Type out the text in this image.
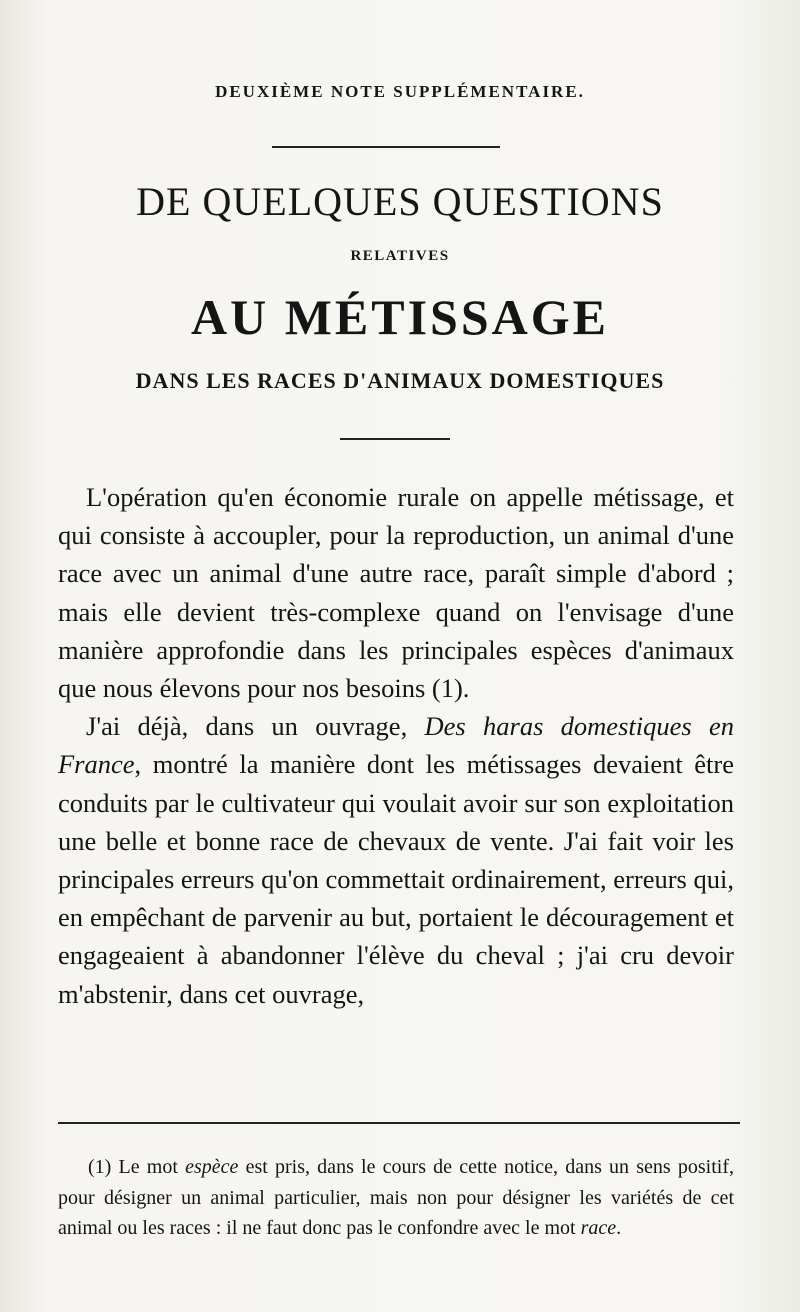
DEUXIÈME NOTE SUPPLÉMENTAIRE.
DE QUELQUES QUESTIONS
RELATIVES
AU MÉTISSAGE
DANS LES RACES D'ANIMAUX DOMESTIQUES

L'opération qu'en économie rurale on appelle métissage, et qui consiste à accoupler, pour la reproduction, un animal d'une race avec un animal d'une autre race, paraît simple d'abord ; mais elle devient très-complexe quand on l'envisage d'une manière approfondie dans les principales espèces d'animaux que nous élevons pour nos besoins (1).

J'ai déjà, dans un ouvrage, Des haras domestiques en France, montré la manière dont les métissages devaient être conduits par le cultivateur qui voulait avoir sur son exploitation une belle et bonne race de chevaux de vente. J'ai fait voir les principales erreurs qu'on commettait ordinairement, erreurs qui, en empêchant de parvenir au but, portaient le découragement et engageaient à abandonner l'élève du cheval ; j'ai cru devoir m'abstenir, dans cet ouvrage,

(1) Le mot espèce est pris, dans le cours de cette notice, dans un sens positif, pour désigner un animal particulier, mais non pour désigner les variétés de cet animal ou les races : il ne faut donc pas le confondre avec le mot race.
